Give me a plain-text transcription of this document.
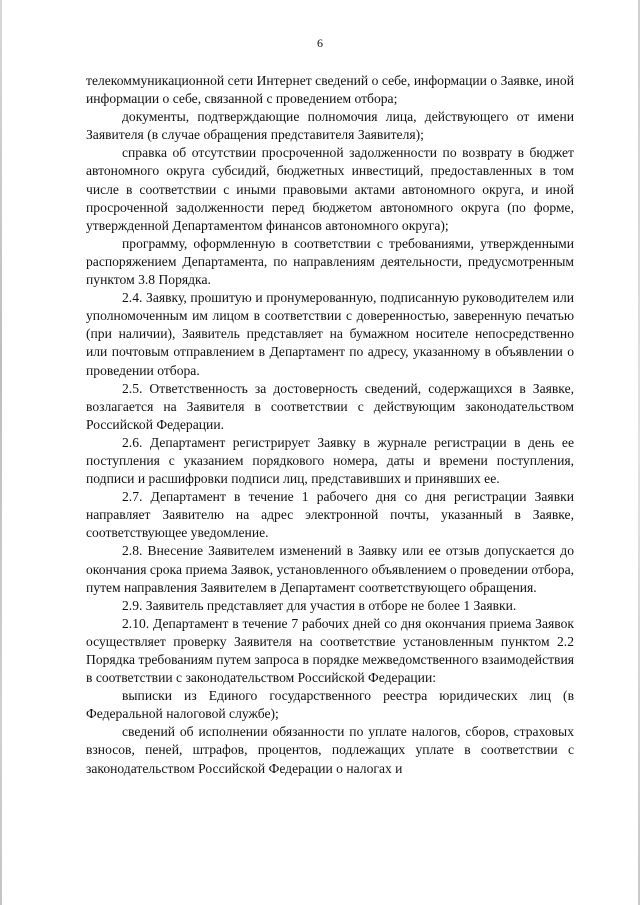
6

телекоммуникационной сети Интернет сведений о себе, информации о Заявке, иной информации о себе, связанной с проведением отбора;

документы, подтверждающие полномочия лица, действующего от имени Заявителя (в случае обращения представителя Заявителя);

справка об отсутствии просроченной задолженности по возврату в бюджет автономного округа субсидий, бюджетных инвестиций, предоставленных в том числе в соответствии с иными правовыми актами автономного округа, и иной просроченной задолженности перед бюджетом автономного округа (по форме, утвержденной Департаментом финансов автономного округа);

программу, оформленную в соответствии с требованиями, утвержденными распоряжением Департамента, по направлениям деятельности, предусмотренным пунктом 3.8 Порядка.

2.4. Заявку, прошитую и пронумерованную, подписанную руководителем или уполномоченным им лицом в соответствии с доверенностью, заверенную печатью (при наличии), Заявитель представляет на бумажном носителе непосредственно или почтовым отправлением в Департамент по адресу, указанному в объявлении о проведении отбора.

2.5. Ответственность за достоверность сведений, содержащихся в Заявке, возлагается на Заявителя в соответствии с действующим законодательством Российской Федерации.

2.6. Департамент регистрирует Заявку в журнале регистрации в день ее поступления с указанием порядкового номера, даты и времени поступления, подписи и расшифровки подписи лиц, представивших и принявших ее.

2.7. Департамент в течение 1 рабочего дня со дня регистрации Заявки направляет Заявителю на адрес электронной почты, указанный в Заявке, соответствующее уведомление.

2.8. Внесение Заявителем изменений в Заявку или ее отзыв допускается до окончания срока приема Заявок, установленного объявлением о проведении отбора, путем направления Заявителем в Департамент соответствующего обращения.

2.9. Заявитель представляет для участия в отборе не более 1 Заявки.

2.10. Департамент в течение 7 рабочих дней со дня окончания приема Заявок осуществляет проверку Заявителя на соответствие установленным пунктом 2.2 Порядка требованиям путем запроса в порядке межведомственного взаимодействия в соответствии с законодательством Российской Федерации:

выписки из Единого государственного реестра юридических лиц (в Федеральной налоговой службе);

сведений об исполнении обязанности по уплате налогов, сборов, страховых взносов, пеней, штрафов, процентов, подлежащих уплате в соответствии с законодательством Российской Федерации о налогах и
